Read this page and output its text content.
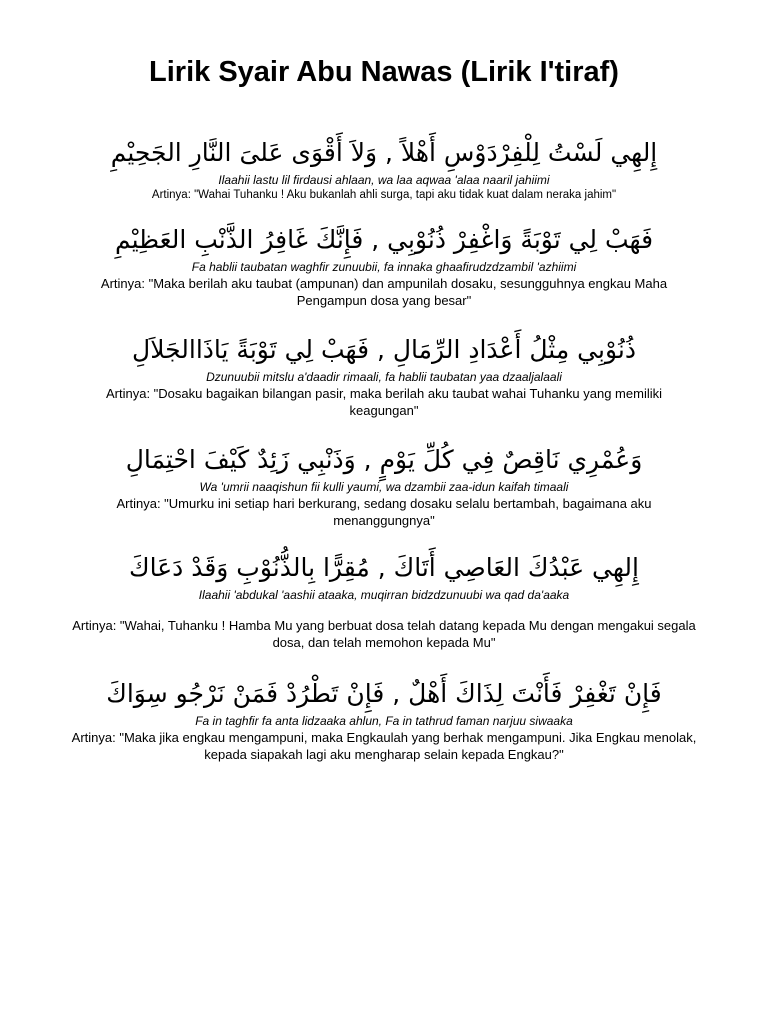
Lirik Syair Abu Nawas (Lirik I'tiraf)

إِلهِي لَسْتُ لِلْفِرْدَوْسِ أَهْلاً , وَلاَ أَقْوَى عَلىَ النَّارِ الجَحِيْمِ

Ilaahii lastu lil firdausi ahlaan, wa laa aqwaa 'alaa naaril jahiimi

Artinya: "Wahai Tuhanku ! Aku bukanlah ahli surga, tapi aku tidak kuat dalam neraka jahim"

فَهَبْ لِي تَوْبَةً وَاغْفِرْ ذُنُوْبِي , فَإِنَّكَ غَافِرُ الذَّنْبِ العَظِيْمِ

Fa hablii taubatan waghfir zunuubii, fa innaka ghaafirudzdzambil 'azhiimi

Artinya: "Maka berilah aku taubat (ampunan) dan ampunilah dosaku, sesungguhnya engkau Maha Pengampun dosa yang besar"

ذُنُوْبِي مِثْلُ أَعْدَادِ الرِّمَالِ , فَهَبْ لِي تَوْبَةً يَاذَاالجَلاَلِ

Dzunuubii mitslu a'daadir rimaali, fa hablii taubatan yaa dzaaljalaali

Artinya: "Dosaku bagaikan bilangan pasir, maka berilah aku taubat wahai Tuhanku yang memiliki keagungan"

وَعُمْرِي نَاقِصٌ فِي كُلِّ يَوْمٍ , وَذَنْبِي زَئِدٌ كَيْفَ احْتِمَالِ

Wa 'umrii naaqishun fii kulli yaumi, wa dzambii zaa-idun kaifah timaali

Artinya: "Umurku ini setiap hari berkurang, sedang dosaku selalu bertambah, bagaimana aku menanggungnya"

إِلهِي عَبْدُكَ العَاصِي أَتَاكَ , مُقِرًّا بِالذُّنُوْبِ وَقَدْ دَعَاكَ

Ilaahii 'abdukal 'aashii ataaka, muqirran bidzdzunuubi wa qad da'aaka

Artinya: "Wahai, Tuhanku ! Hamba Mu yang berbuat dosa telah datang kepada Mu dengan mengakui segala dosa, dan telah memohon kepada Mu"

فَإِنْ تَغْفِرْ فَأَنْتَ لِذَاكَ أَهْلٌ , فَإِنْ تَطْرُدْ فَمَنْ نَرْجُو سِوَاكَ

Fa in taghfir fa anta lidzaaka ahlun, Fa in tathrud faman narjuu siwaaka

Artinya: "Maka jika engkau mengampuni, maka Engkaulah yang berhak mengampuni. Jika Engkau menolak, kepada siapakah lagi aku mengharap selain kepada Engkau?"
